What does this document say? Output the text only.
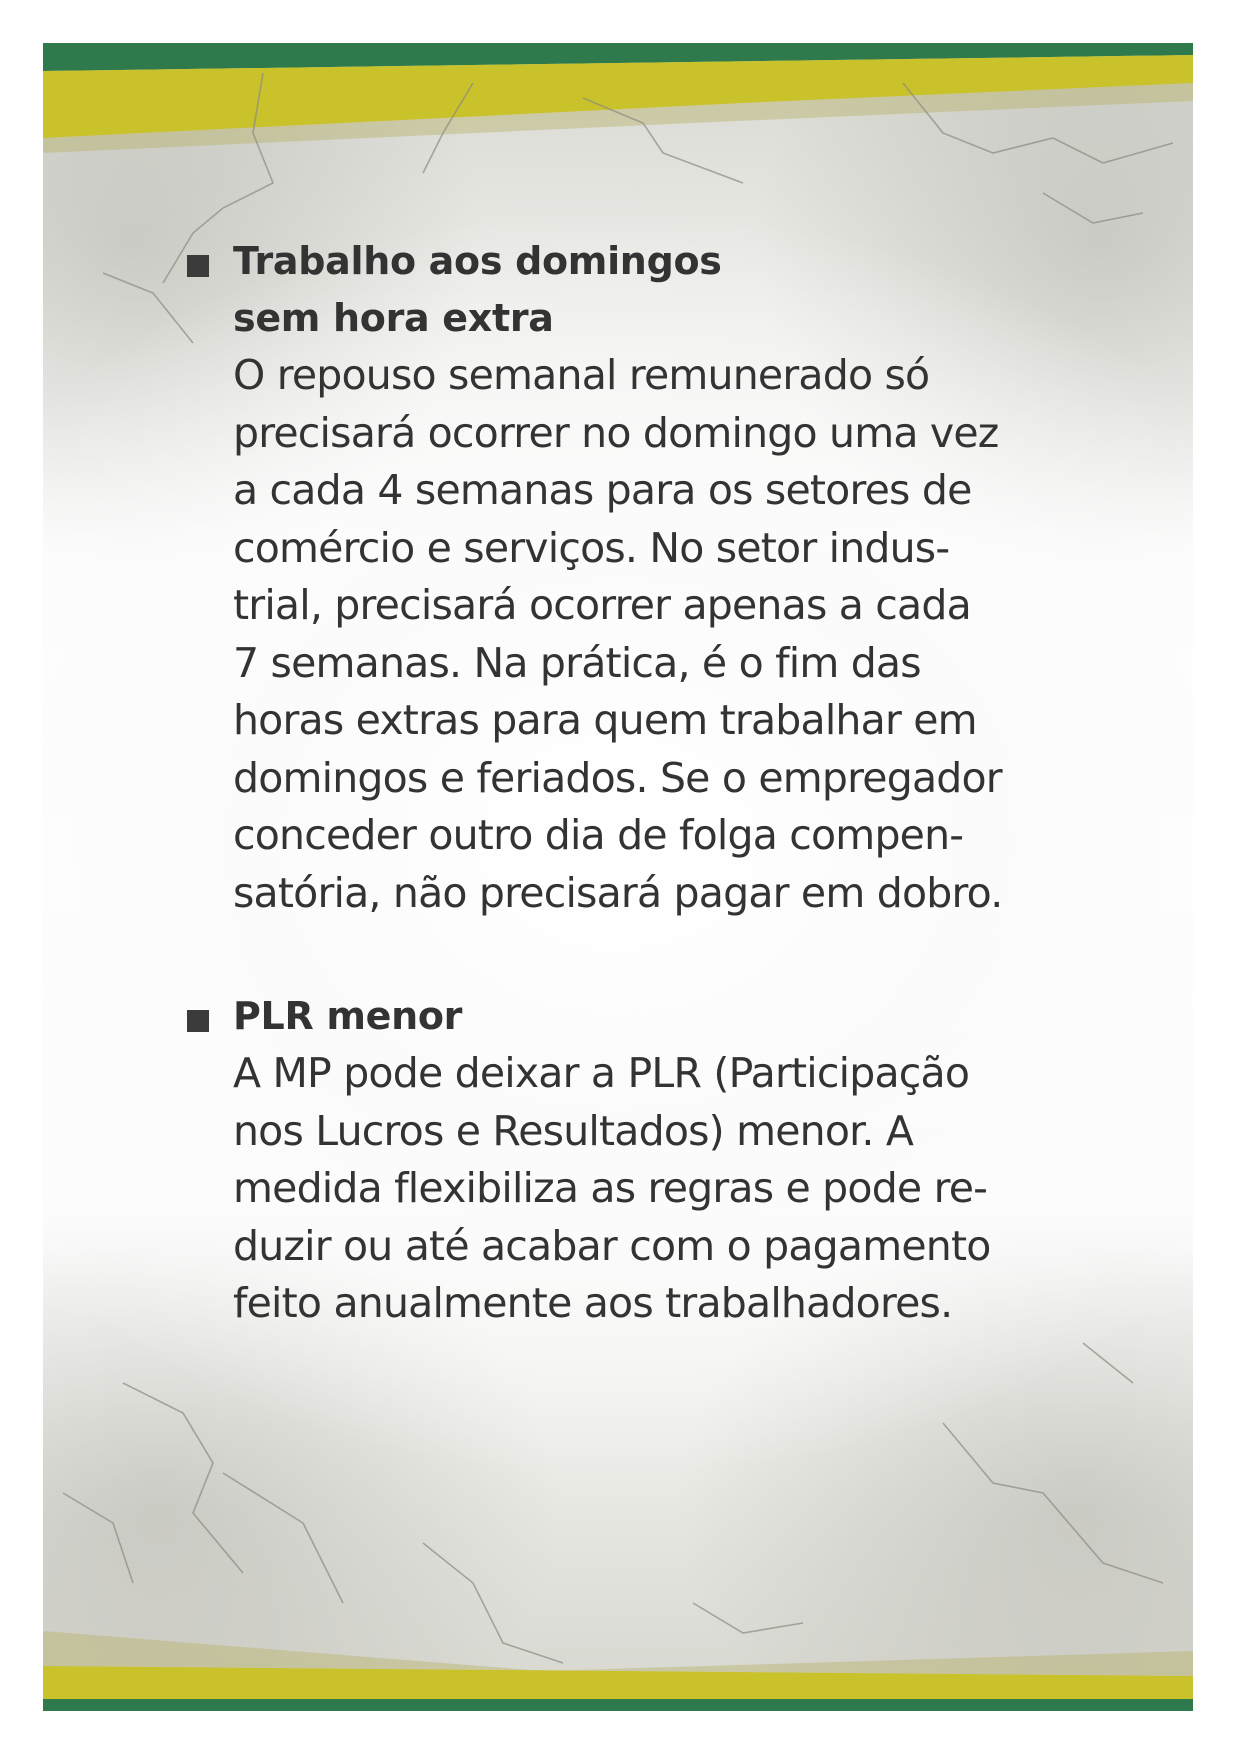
Trabalho aos domingos
sem hora extra

O repouso semanal remunerado só
precisará ocorrer no domingo uma vez
a cada 4 semanas para os setores de
comércio e serviços. No setor indus-
trial, precisará ocorrer apenas a cada
7 semanas. Na prática, é o fim das
horas extras para quem trabalhar em
domingos e feriados. Se o empregador
conceder outro dia de folga compen-
satória, não precisará pagar em dobro.

PLR menor

A MP pode deixar a PLR (Participação
nos Lucros e Resultados) menor. A
medida flexibiliza as regras e pode re-
duzir ou até acabar com o pagamento
feito anualmente aos trabalhadores.
